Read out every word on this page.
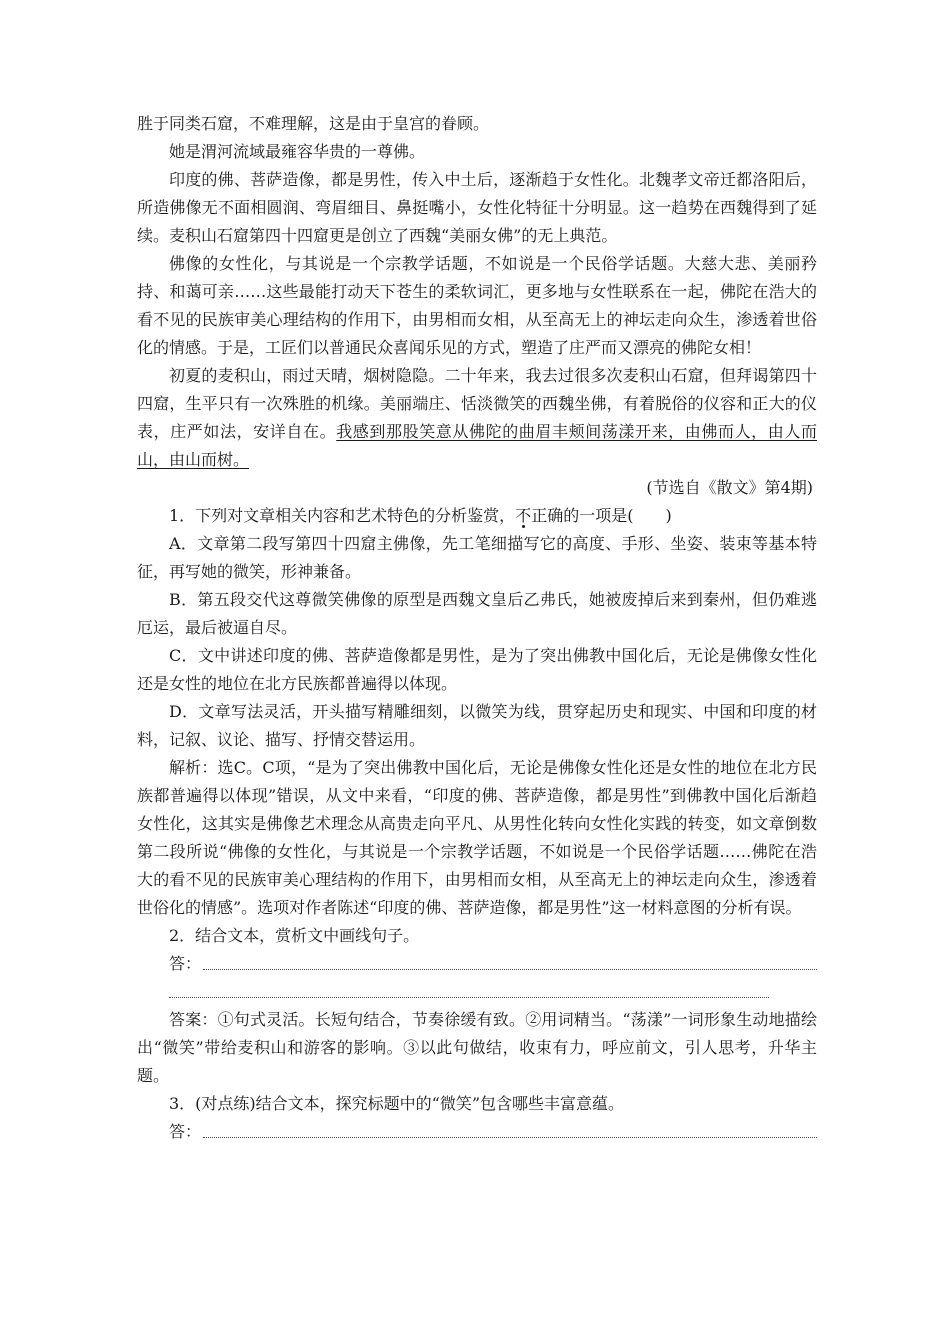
胜于同类石窟，不难理解，这是由于皇宫的眷顾。

她是渭河流域最雍容华贵的一尊佛。

印度的佛、菩萨造像，都是男性，传入中土后，逐渐趋于女性化。北魏孝文帝迁都洛阳后，所造佛像无不面相圆润、弯眉细目、鼻挺嘴小，女性化特征十分明显。这一趋势在西魏得到了延续。麦积山石窟第四十四窟更是创立了西魏“美丽女佛”的无上典范。

佛像的女性化，与其说是一个宗教学话题，不如说是一个民俗学话题。大慈大悲、美丽矜持、和蔼可亲……这些最能打动天下苍生的柔软词汇，更多地与女性联系在一起，佛陀在浩大的看不见的民族审美心理结构的作用下，由男相而女相，从至高无上的神坛走向众生，渗透着世俗化的情感。于是，工匠们以普通民众喜闻乐见的方式，塑造了庄严而又漂亮的佛陀女相！

初夏的麦积山，雨过天晴，烟树隐隐。二十年来，我去过很多次麦积山石窟，但拜谒第四十四窟，生平只有一次殊胜的机缘。美丽端庄、恬淡微笑的西魏坐佛，有着脱俗的仪容和正大的仪表，庄严如法，安详自在。我感到那股笑意从佛陀的曲眉丰颊间荡漾开来，由佛而人，由人而山，由山而树。

(节选自《散文》第4期)

1．下列对文章相关内容和艺术特色的分析鉴赏，不正确的一项是(　　)

A．文章第二段写第四十四窟主佛像，先工笔细描写它的高度、手形、坐姿、装束等基本特征，再写她的微笑，形神兼备。

B．第五段交代这尊微笑佛像的原型是西魏文皇后乙弗氏，她被废掉后来到秦州，但仍难逃厄运，最后被逼自尽。

C．文中讲述印度的佛、菩萨造像都是男性，是为了突出佛教中国化后，无论是佛像女性化还是女性的地位在北方民族都普遍得以体现。

D．文章写法灵活，开头描写精雕细刻，以微笑为线，贯穿起历史和现实、中国和印度的材料，记叙、议论、描写、抒情交替运用。

解析：选C。C项，“是为了突出佛教中国化后，无论是佛像女性化还是女性的地位在北方民族都普遍得以体现”错误，从文中来看，“印度的佛、菩萨造像，都是男性”到佛教中国化后渐趋女性化，这其实是佛像艺术理念从高贵走向平凡、从男性化转向女性化实践的转变，如文章倒数第二段所说“佛像的女性化，与其说是一个宗教学话题，不如说是一个民俗学话题……佛陀在浩大的看不见的民族审美心理结构的作用下，由男相而女相，从至高无上的神坛走向众生，渗透着世俗化的情感”。选项对作者陈述“印度的佛、菩萨造像，都是男性”这一材料意图的分析有误。

2．结合文本，赏析文中画线句子。

答：

答案：①句式灵活。长短句结合，节奏徐缓有致。②用词精当。“荡漾”一词形象生动地描绘出“微笑”带给麦积山和游客的影响。③以此句做结，收束有力，呼应前文，引人思考，升华主题。

3．(对点练)结合文本，探究标题中的“微笑”包含哪些丰富意蕴。

答：
